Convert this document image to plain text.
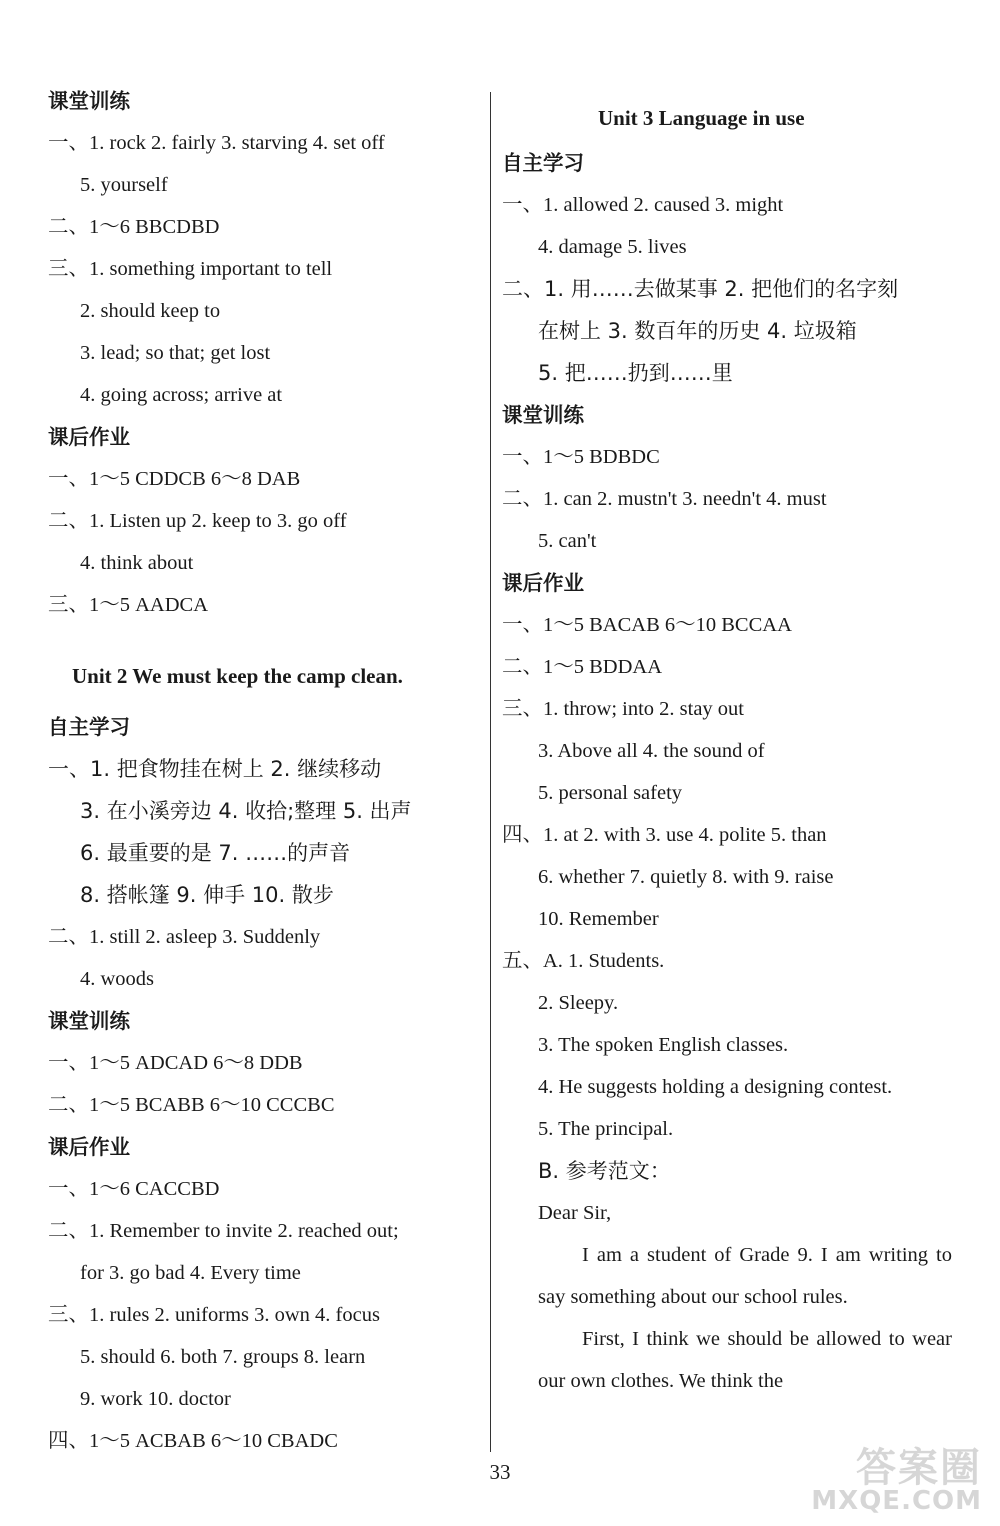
课堂训练
一、1. rock 2. fairly 3. starving 4. set off
5. yourself
二、1～6 BBCDBD
三、1. something important to tell
2. should keep to
3. lead; so that; get lost
4. going across; arrive at
课后作业
一、1～5 CDDCB 6～8 DAB
二、1. Listen up 2. keep to 3. go off
4. think about
三、1～5 AADCA
Unit 2 We must keep the camp clean.
自主学习
一、1. 把食物挂在树上 2. 继续移动
3. 在小溪旁边 4. 收拾;整理 5. 出声
6. 最重要的是 7. ……的声音
8. 搭帐篷 9. 伸手 10. 散步
二、1. still 2. asleep 3. Suddenly
4. woods
课堂训练
一、1～5 ADCAD 6～8 DDB
二、1～5 BCABB 6～10 CCCBC
课后作业
一、1～6 CACCBD
二、1. Remember to invite 2. reached out;
for 3. go bad 4. Every time
三、1. rules 2. uniforms 3. own 4. focus
5. should 6. both 7. groups 8. learn
9. work 10. doctor
四、1～5 ACBAB 6～10 CBADC
Unit 3 Language in use
自主学习
一、1. allowed 2. caused 3. might
4. damage 5. lives
二、1. 用……去做某事 2. 把他们的名字刻
在树上 3. 数百年的历史 4. 垃圾箱
5. 把……扔到……里
课堂训练
一、1～5 BDBDC
二、1. can 2. mustn't 3. needn't 4. must
5. can't
课后作业
一、1～5 BACAB 6～10 BCCAA
二、1～5 BDDAA
三、1. throw; into 2. stay out
3. Above all 4. the sound of
5. personal safety
四、1. at 2. with 3. use 4. polite 5. than
6. whether 7. quietly 8. with 9. raise
10. Remember
五、A. 1. Students.
2. Sleepy.
3. The spoken English classes.
4. He suggests holding a designing contest.
5. The principal.
B. 参考范文：
Dear Sir,
I am a student of Grade 9. I am writing to say something about our school rules.
First, I think we should be allowed to wear our own clothes. We think the
33	答案圈
MXQE.COM
